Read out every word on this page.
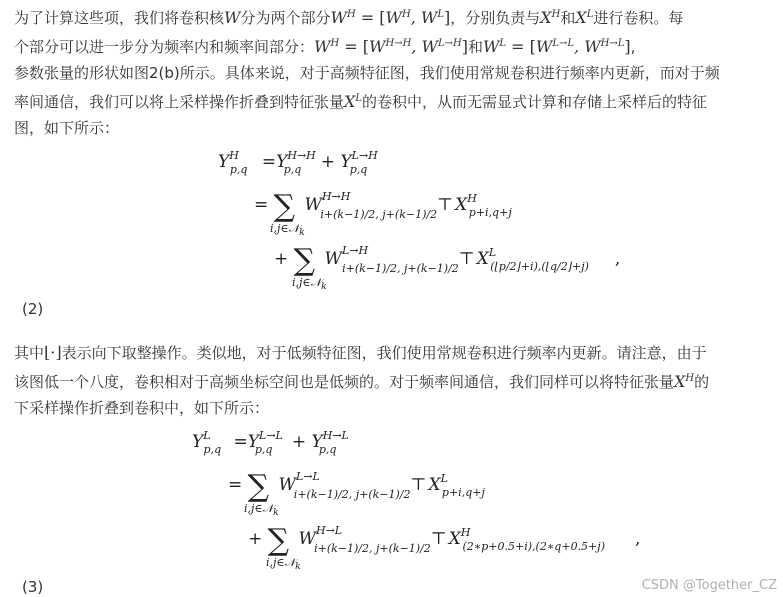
为了计算这些项，我们将卷积核W分为两个部分$W^H = [W^H$, $W^L$]，分别负责与$X^H$和$X^L$进行卷积。每
个部分可以进一步分为频率内和频率间部分：$W^H = [W^{H\to H}$, $W^{L\to H}$]和$W^L = [W^{L\to L}$, $W^{H\to L}$],
参数张量的形状如图2(b)所示。具体来说，对于高频特征图，我们使用常规卷积进行频率内更新，而对于频
率间通信，我们可以将上采样操作折叠到特征张量$X^L$的卷积中，从而无需显式计算和存储上采样后的特征
图，如下所示：

$Y^H_{p,q} =Y^{H\to H}_{p,q} + Y^{L\to H}_{p,q}$
= ∑ $W^{H\to H}_{i+(k-1)/2, j+(k-1)/2}⊤$ $X^H_{p+i,q+j}$
i,j∈𝒩$_k$
+ ∑ $W^{L\to H}_{i+(k-1)/2, j+(k-1)/2}⊤$ $X^L_{(⌊p/2⌋+i),(⌊q/2⌋+j)}$ ,
i,j∈𝒩$_k$
(2)

其中⌊·⌋表示向下取整操作。类似地，对于低频特征图，我们使用常规卷积进行频率内更新。请注意，由于
该图低一个八度，卷积相对于高频坐标空间也是低频的。对于频率间通信，我们同样可以将特征张量$X^H$的
下采样操作折叠到卷积中，如下所示：

$Y^L_{p,q} =Y^{L\to L}_{p,q} + Y^{H\to L}_{p,q}$
= ∑ $W^{L\to L}_{i+(k-1)/2, j+(k-1)/2}⊤$ $X^L_{p+i,q+j}$
i,j∈𝒩$_k$
+ ∑ $W^{H\to L}_{i+(k-1)/2, j+(k-1)/2}⊤$ $X^H_{(2∗p+0.5+i),(2∗q+0.5+j)}$ ,
i,j∈𝒩$_k$
(3)	CSDN @Together_CZ
